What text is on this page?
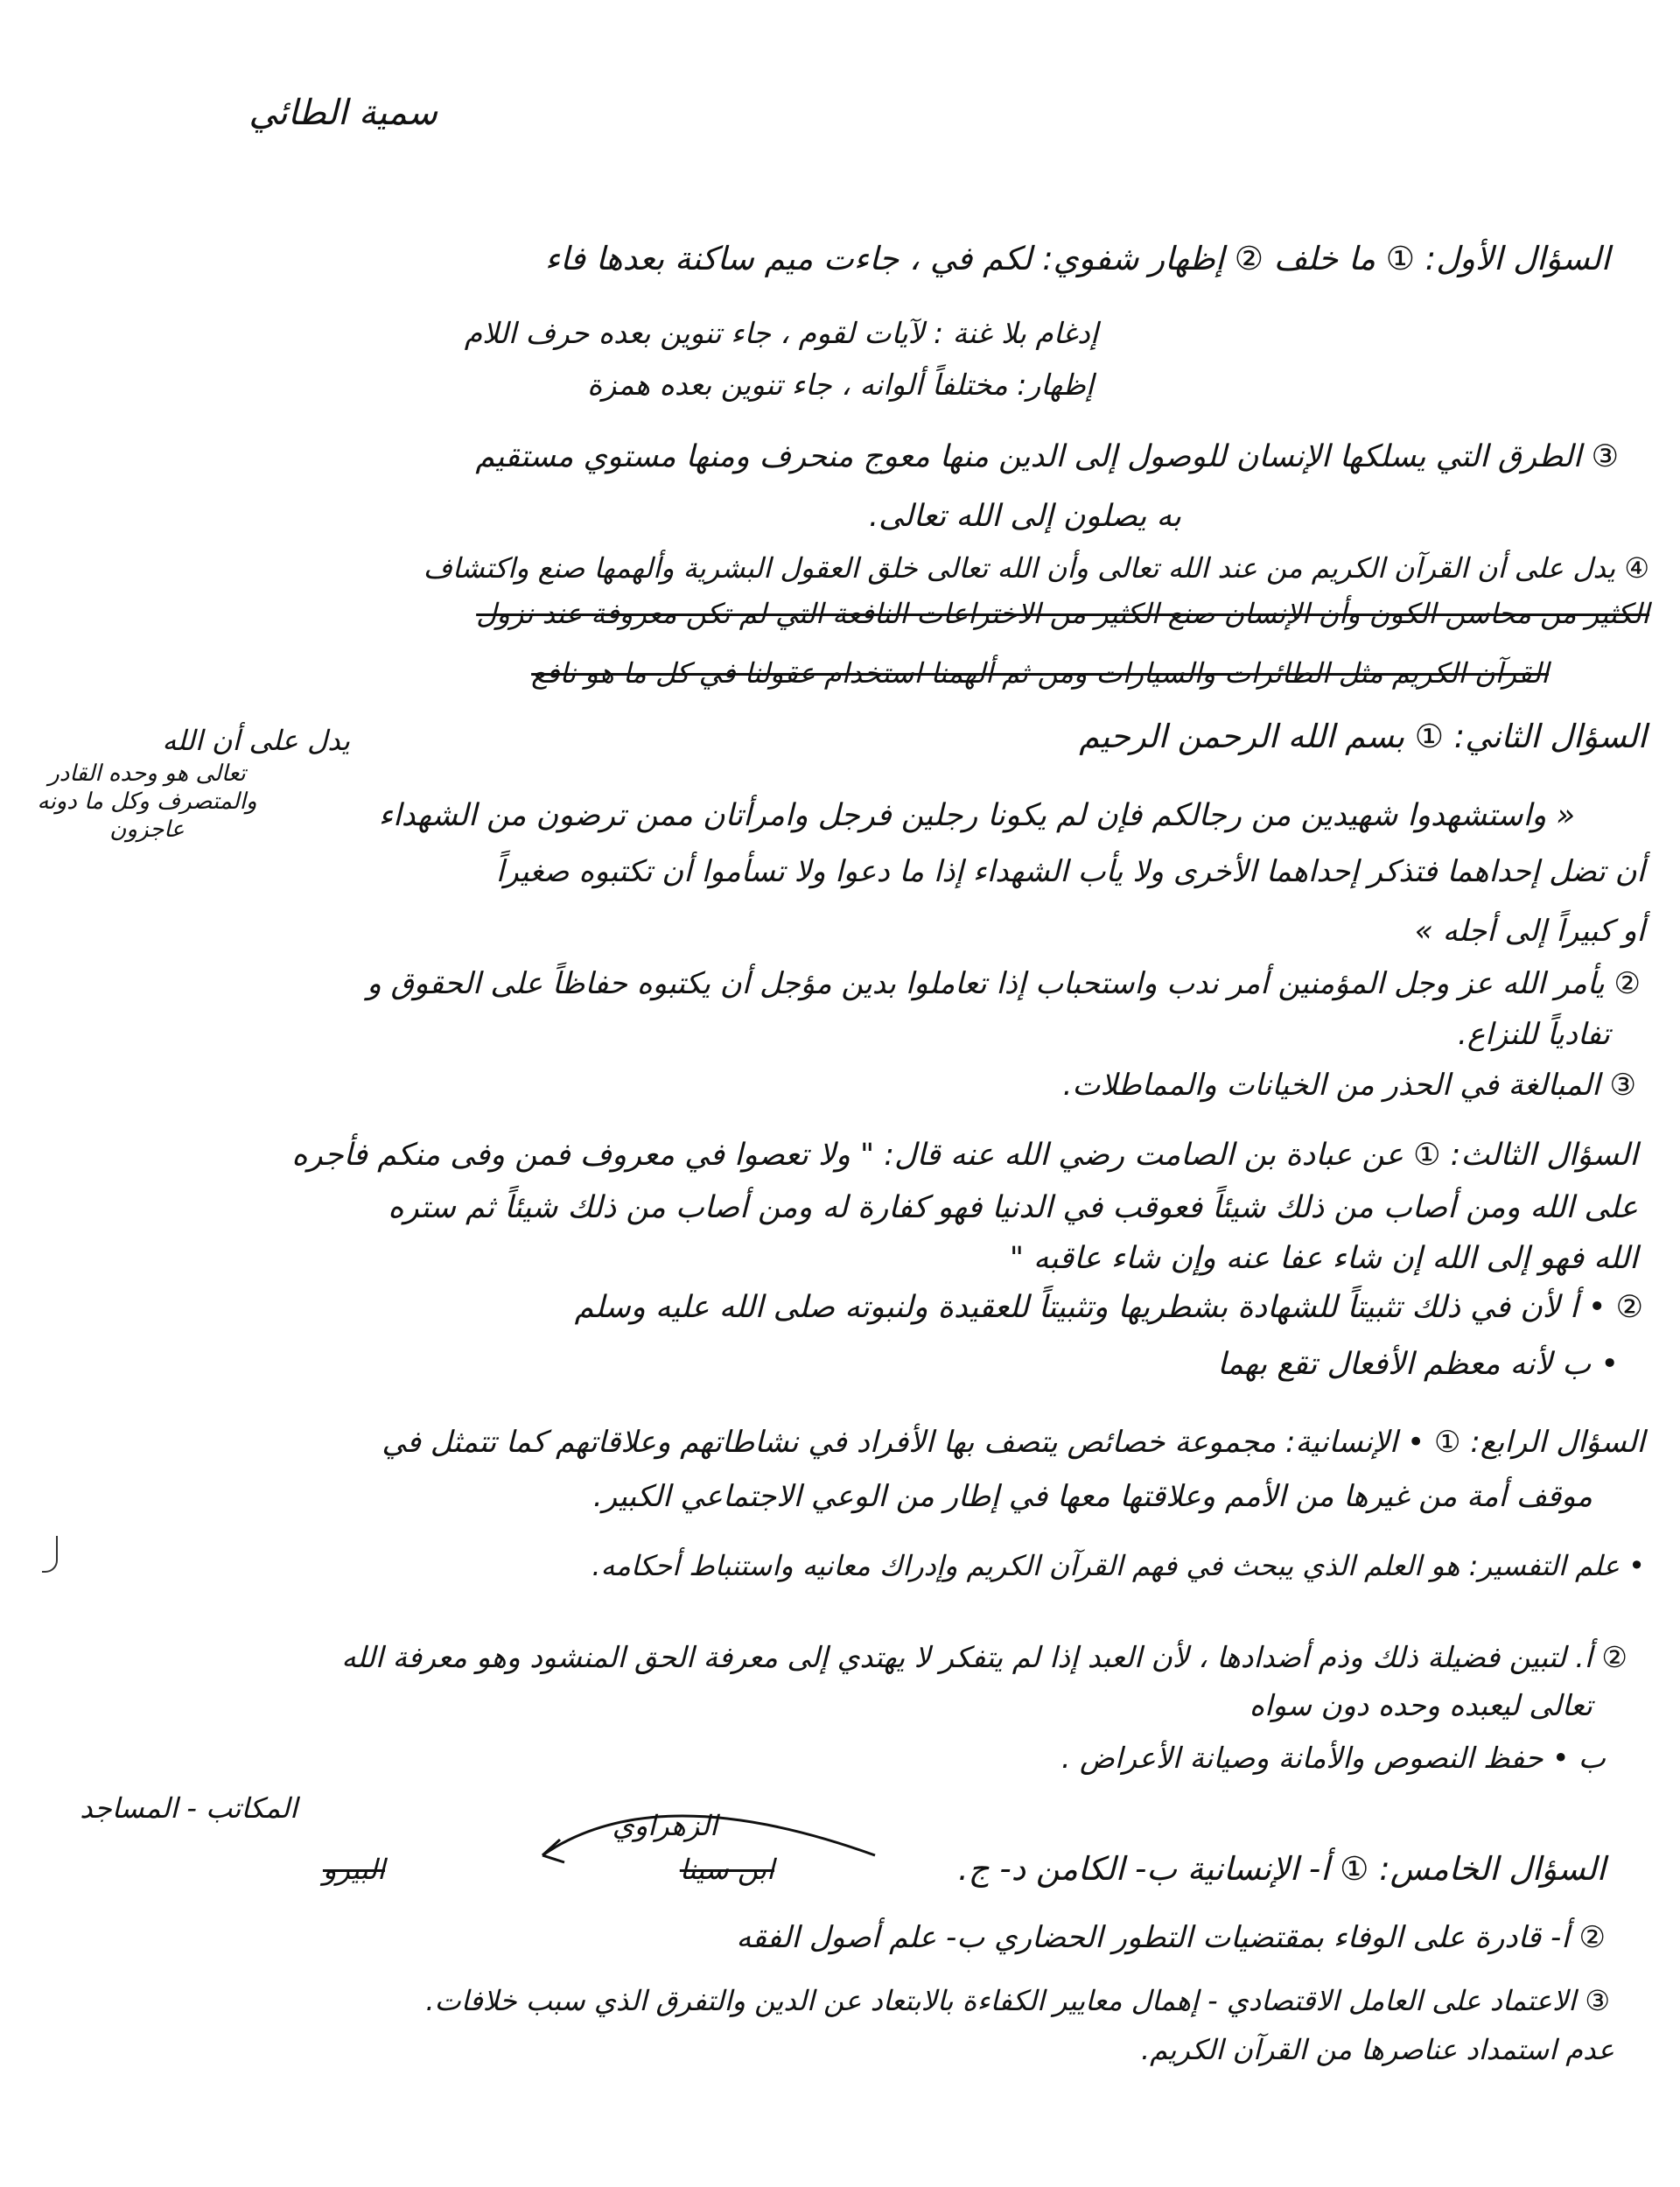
سمية الطائي
السؤال الأول: ① ما خلف ② إظهار شفوي: لكم في ، جاءت ميم ساكنة بعدها فاء
إدغام بلا غنة : لآيات لقوم ، جاء تنوين بعده حرف اللام
إظهار: مختلفاً ألوانه ، جاء تنوين بعده همزة
③ الطرق التي يسلكها الإنسان للوصول إلى الدين منها معوج منحرف ومنها مستوي مستقيم
به يصلون إلى الله تعالى.
④ يدل على أن القرآن الكريم من عند الله تعالى وأن الله تعالى خلق العقول البشرية وألهمها صنع واكتشاف
الكثير من محاسن الكون وأن الإنسان صنع الكثير من الاختراعات النافعة التي لم تكن معروفة عند نزول
القرآن الكريم مثل الطائرات والسيارات ومن ثم ألهمنا استخدام عقولنا في كل ما هو نافع
السؤال الثاني: ① بسم الله الرحمن الرحيم
يدل على أن الله
تعالى هو وحده القادر والمتصرف وكل ما دونه عاجزون	« واستشهدوا شهيدين من رجالكم فإن لم يكونا رجلين فرجل وامرأتان ممن ترضون من الشهداء
أن تضل إحداهما فتذكر إحداهما الأخرى ولا يأب الشهداء إذا ما دعوا ولا تسأموا أن تكتبوه صغيراً
أو كبيراً إلى أجله »
② يأمر الله عز وجل المؤمنين أمر ندب واستحباب إذا تعاملوا بدين مؤجل أن يكتبوه حفاظاً على الحقوق و
تفادياً للنزاع.
③ المبالغة في الحذر من الخيانات والمماطلات.
السؤال الثالث: ① عن عبادة بن الصامت رضي الله عنه قال: " ولا تعصوا في معروف فمن وفى منكم فأجره
على الله ومن أصاب من ذلك شيئاً فعوقب في الدنيا فهو كفارة له ومن أصاب من ذلك شيئاً ثم ستره
الله فهو إلى الله إن شاء عفا عنه وإن شاء عاقبه "
② • أ لأن في ذلك تثبيتاً للشهادة بشطريها وتثبيتاً للعقيدة ولنبوته صلى الله عليه وسلم
• ب لأنه معظم الأفعال تقع بهما
السؤال الرابع: ① • الإنسانية: مجموعة خصائص يتصف بها الأفراد في نشاطاتهم وعلاقاتهم كما تتمثل في
موقف أمة من غيرها من الأمم وعلاقتها معها في إطار من الوعي الاجتماعي الكبير.
• علم التفسير: هو العلم الذي يبحث في فهم القرآن الكريم وإدراك معانيه واستنباط أحكامه.
② أ. لتبين فضيلة ذلك وذم أضدادها ، لأن العبد إذا لم يتفكر لا يهتدي إلى معرفة الحق المنشود وهو معرفة الله
تعالى ليعبده وحده دون سواه
ب • حفظ النصوص والأمانة وصيانة الأعراض .
المكاتب - المساجد
الزهراوي
السؤال الخامس: ① أ- الإنسانية ب- الكامن د- ج.
ابن سينا
البيرو
② أ- قادرة على الوفاء بمقتضيات التطور الحضاري ب- علم أصول الفقه
③ الاعتماد على العامل الاقتصادي - إهمال معايير الكفاءة بالابتعاد عن الدين والتفرق الذي سبب خلافات.
عدم استمداد عناصرها من القرآن الكريم.
